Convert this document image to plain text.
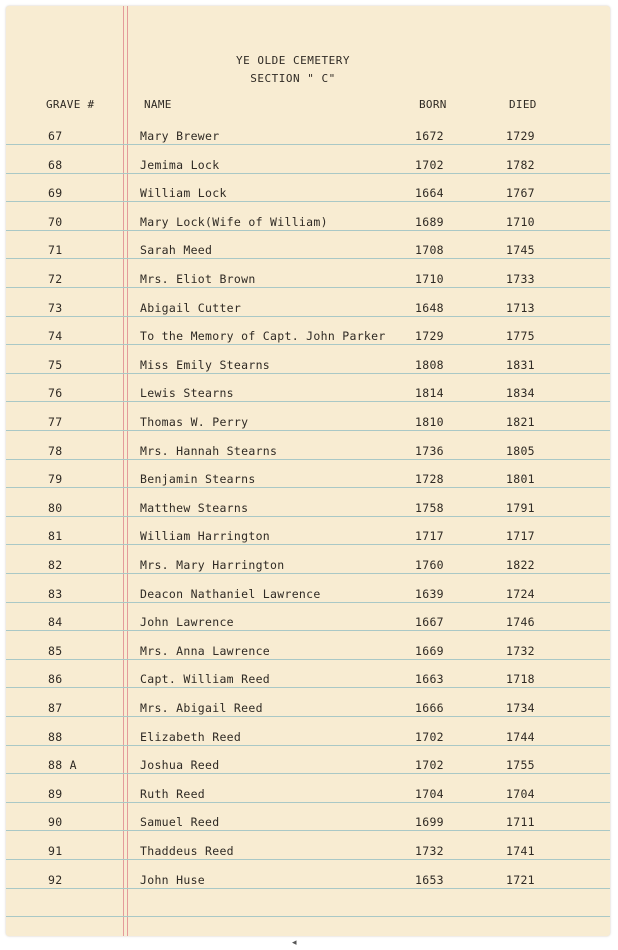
YE OLDE CEMETERY
SECTION " C"
GRAVE #	NAME	BORN	DIED
67	Mary Brewer	1672	1729
68	Jemima Lock	1702	1782
69	William Lock	1664	1767
70	Mary Lock(Wife of William)	1689	1710
71	Sarah Meed	1708	1745
72	Mrs. Eliot Brown	1710	1733
73	Abigail Cutter	1648	1713
74	To the Memory of Capt. John Parker	1729	1775
75	Miss Emily Stearns	1808	1831
76	Lewis Stearns	1814	1834
77	Thomas W. Perry	1810	1821
78	Mrs. Hannah Stearns	1736	1805
79	Benjamin Stearns	1728	1801
80	Matthew Stearns	1758	1791
81	William Harrington	1717	1717
82	Mrs. Mary Harrington	1760	1822
83	Deacon Nathaniel Lawrence	1639	1724
84	John Lawrence	1667	1746
85	Mrs. Anna Lawrence	1669	1732
86	Capt. William Reed	1663	1718
87	Mrs. Abigail Reed	1666	1734
88	Elizabeth Reed	1702	1744
88 A	Joshua Reed	1702	1755
89	Ruth Reed	1704	1704
90	Samuel Reed	1699	1711
91	Thaddeus Reed	1732	1741
92	John Huse	1653	1721
◂
